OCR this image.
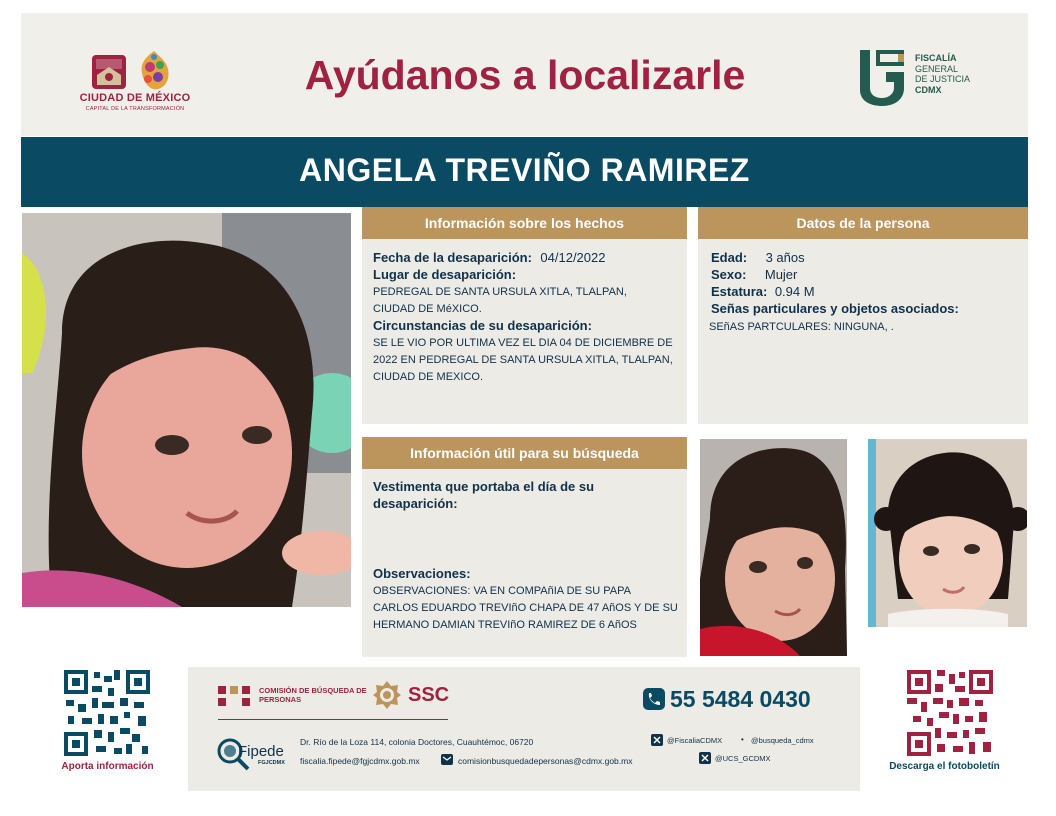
CIUDAD DE MÉXICO
CAPITAL DE LA TRANSFORMACIÓN
Ayúdanos a localizarle	FISCALÍA
GENERAL
DE JUSTICIA
CDMX
ANGELA TREVIÑO RAMIREZ
Información sobre los hechos
Fecha de la desaparición: 04/12/2022
Lugar de desaparición:
PEDREGAL DE SANTA URSULA XITLA, TLALPAN, CIUDAD DE MéXICO.
Circunstancias de su desaparición:
SE LE VIO POR ULTIMA VEZ EL DIA 04 DE DICIEMBRE DE 2022 EN PEDREGAL DE SANTA URSULA XITLA, TLALPAN, CIUDAD DE MEXICO.
Datos de la persona
Edad: 3 años
Sexo: Mujer
Estatura: 0.94 M
Señas particulares y objetos asociados:
SEñAS PARTCULARES: NINGUNA, .
Información útil para su búsqueda
Vestimenta que portaba el día de su desaparición:
Observaciones:
OBSERVACIONES: VA EN COMPAñIA DE SU PAPA CARLOS EDUARDO TREVIñO CHAPA DE 47 AñOS Y DE SU HERMANO DAMIAN TREVIñO RAMIREZ DE 6 AñOS
Aporta información
COMISIÓN DE BÚSQUEDA DE PERSONAS	SSC	55 5484 0430
Fipede
FGJCDMX
Dr. Río de la Loza 114, colonia Doctores, Cuauhtémoc, 06720
fiscalia.fipede@fgjcdmx.gob.mx	comisionbusquedadepersonas@cdmx.gob.mx
@FiscaliaCDMX • @busqueda_cdmx
@UCS_GCDMX
Descarga el fotoboletín
